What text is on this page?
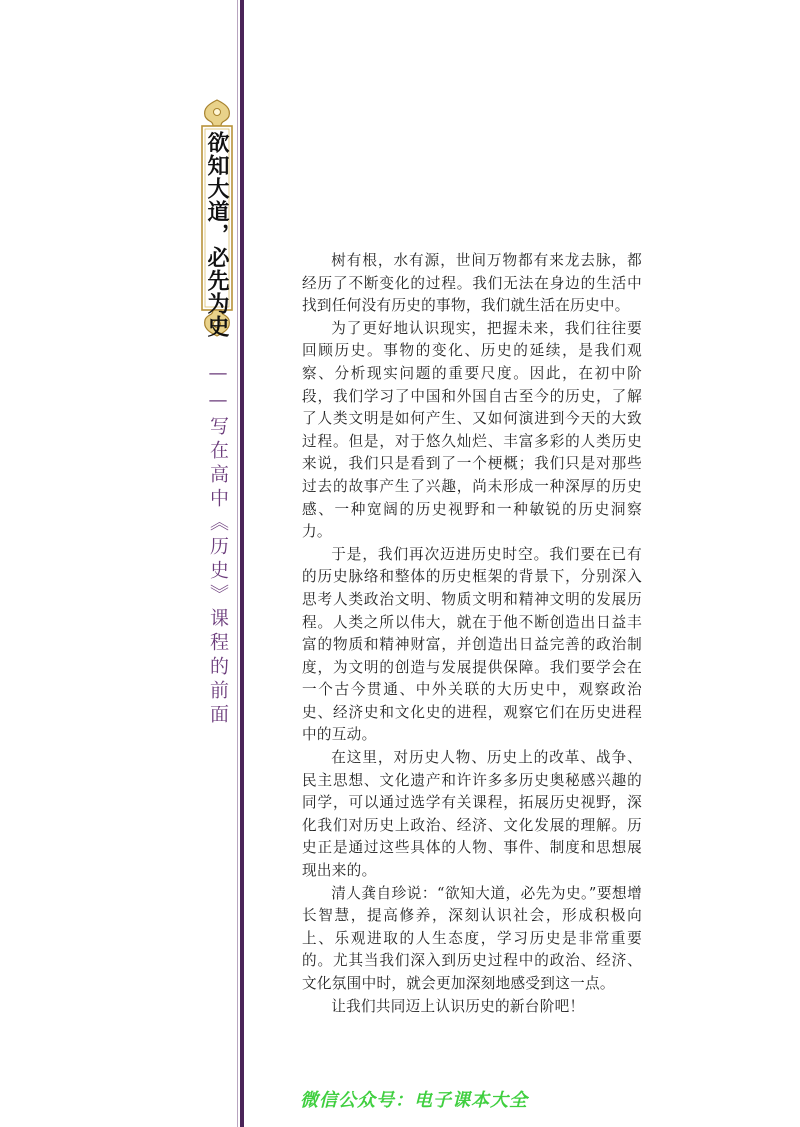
欲知大道，必先为史
——写在高中《历史》课程的前面

树有根，水有源，世间万物都有来龙去脉，都经历了不断变化的过程。我们无法在身边的生活中找到任何没有历史的事物，我们就生活在历史中。

为了更好地认识现实，把握未来，我们往往要回顾历史。事物的变化、历史的延续，是我们观察、分析现实问题的重要尺度。因此，在初中阶段，我们学习了中国和外国自古至今的历史，了解了人类文明是如何产生、又如何演进到今天的大致过程。但是，对于悠久灿烂、丰富多彩的人类历史来说，我们只是看到了一个梗概；我们只是对那些过去的故事产生了兴趣，尚未形成一种深厚的历史感、一种宽阔的历史视野和一种敏锐的历史洞察力。

于是，我们再次迈进历史时空。我们要在已有的历史脉络和整体的历史框架的背景下，分别深入思考人类政治文明、物质文明和精神文明的发展历程。人类之所以伟大，就在于他不断创造出日益丰富的物质和精神财富，并创造出日益完善的政治制度，为文明的创造与发展提供保障。我们要学会在一个古今贯通、中外关联的大历史中，观察政治史、经济史和文化史的进程，观察它们在历史进程中的互动。

在这里，对历史人物、历史上的改革、战争、民主思想、文化遗产和许许多多历史奥秘感兴趣的同学，可以通过选学有关课程，拓展历史视野，深化我们对历史上政治、经济、文化发展的理解。历史正是通过这些具体的人物、事件、制度和思想展现出来的。

清人龚自珍说：“欲知大道，必先为史。”要想增长智慧，提高修养，深刻认识社会，形成积极向上、乐观进取的人生态度，学习历史是非常重要的。尤其当我们深入到历史过程中的政治、经济、文化氛围中时，就会更加深刻地感受到这一点。

让我们共同迈上认识历史的新台阶吧！

微信公众号：电子课本大全
